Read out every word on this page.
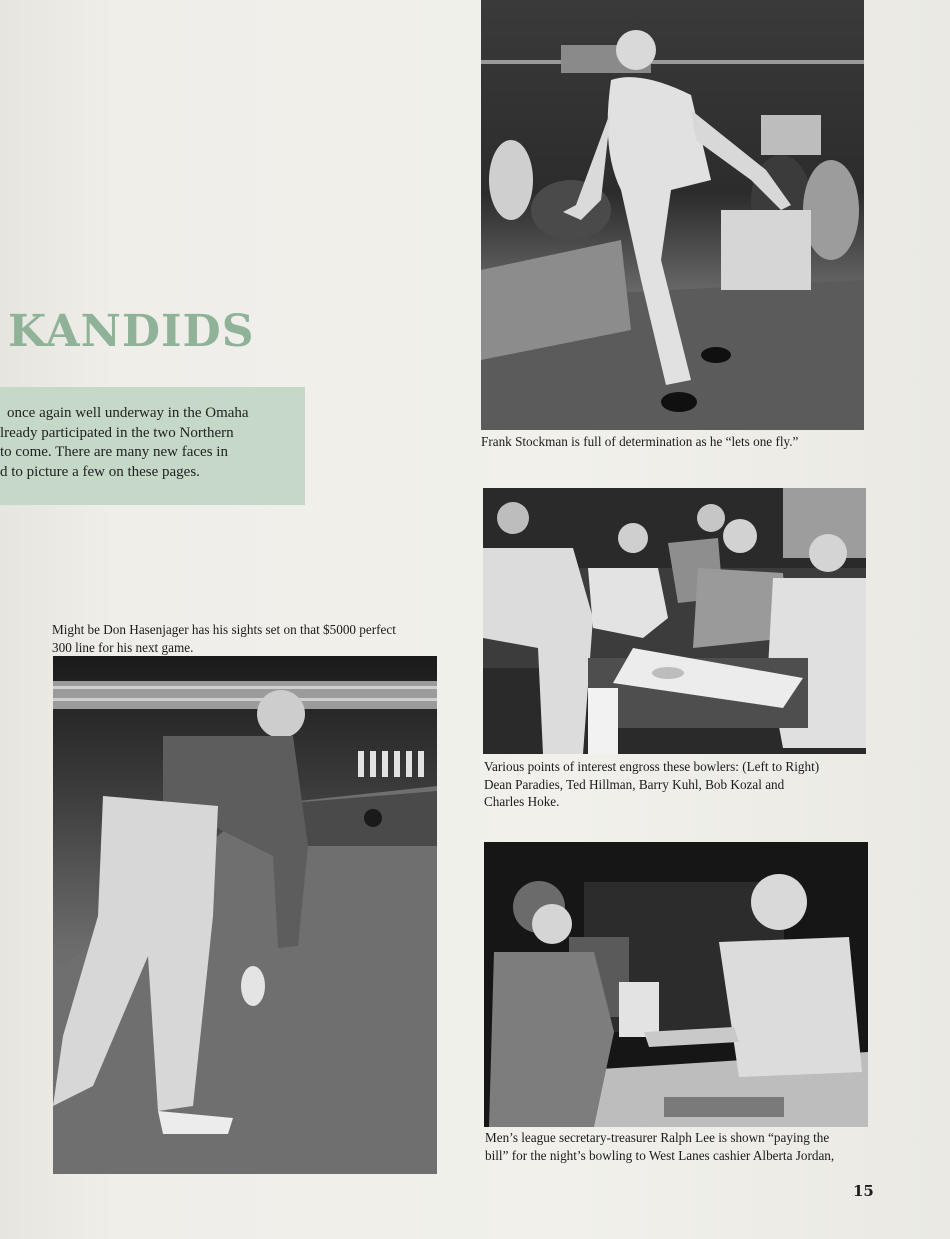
KANDIDS
once again well underway in the Omaha
lready participated in the two Northern
to come. There are many new faces in
d to picture a few on these pages.

Frank Stockman is full of determination as he “lets one fly.”

Various points of interest engross these bowlers: (Left to Right)
Dean Paradies, Ted Hillman, Barry Kuhl, Bob Kozal and
Charles Hoke.

Might be Don Hasenjager has his sights set on that $5000 perfect
300 line for his next game.

Men’s league secretary-treasurer Ralph Lee is shown “paying the
bill” for the night’s bowling to West Lanes cashier Alberta Jordan,

15
